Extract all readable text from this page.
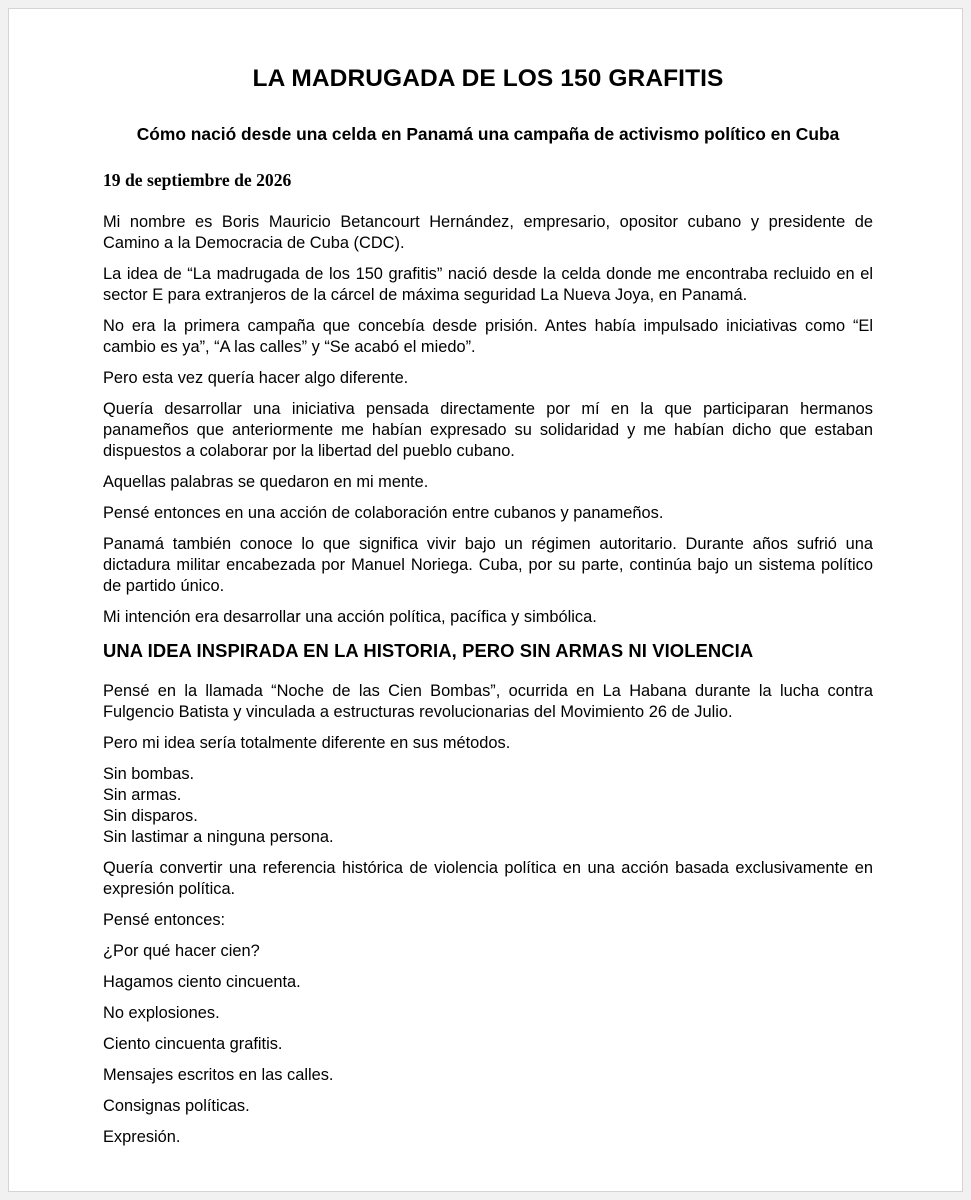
LA MADRUGADA DE LOS 150 GRAFITIS

Cómo nació desde una celda en Panamá una campaña de activismo político en Cuba

19 de septiembre de 2026

Mi nombre es Boris Mauricio Betancourt Hernández, empresario, opositor cubano y presidente de Camino a la Democracia de Cuba (CDC).

La idea de “La madrugada de los 150 grafitis” nació desde la celda donde me encontraba recluido en el sector E para extranjeros de la cárcel de máxima seguridad La Nueva Joya, en Panamá.

No era la primera campaña que concebía desde prisión. Antes había impulsado iniciativas como “El cambio es ya”, “A las calles” y “Se acabó el miedo”.

Pero esta vez quería hacer algo diferente.

Quería desarrollar una iniciativa pensada directamente por mí en la que participaran hermanos panameños que anteriormente me habían expresado su solidaridad y me habían dicho que estaban dispuestos a colaborar por la libertad del pueblo cubano.

Aquellas palabras se quedaron en mi mente.

Pensé entonces en una acción de colaboración entre cubanos y panameños.

Panamá también conoce lo que significa vivir bajo un régimen autoritario. Durante años sufrió una dictadura militar encabezada por Manuel Noriega. Cuba, por su parte, continúa bajo un sistema político de partido único.

Mi intención era desarrollar una acción política, pacífica y simbólica.

UNA IDEA INSPIRADA EN LA HISTORIA, PERO SIN ARMAS NI VIOLENCIA

Pensé en la llamada “Noche de las Cien Bombas”, ocurrida en La Habana durante la lucha contra Fulgencio Batista y vinculada a estructuras revolucionarias del Movimiento 26 de Julio.

Pero mi idea sería totalmente diferente en sus métodos.

Sin bombas.
Sin armas.
Sin disparos.
Sin lastimar a ninguna persona.

Quería convertir una referencia histórica de violencia política en una acción basada exclusivamente en expresión política.

Pensé entonces:

¿Por qué hacer cien?

Hagamos ciento cincuenta.

No explosiones.

Ciento cincuenta grafitis.

Mensajes escritos en las calles.

Consignas políticas.

Expresión.
